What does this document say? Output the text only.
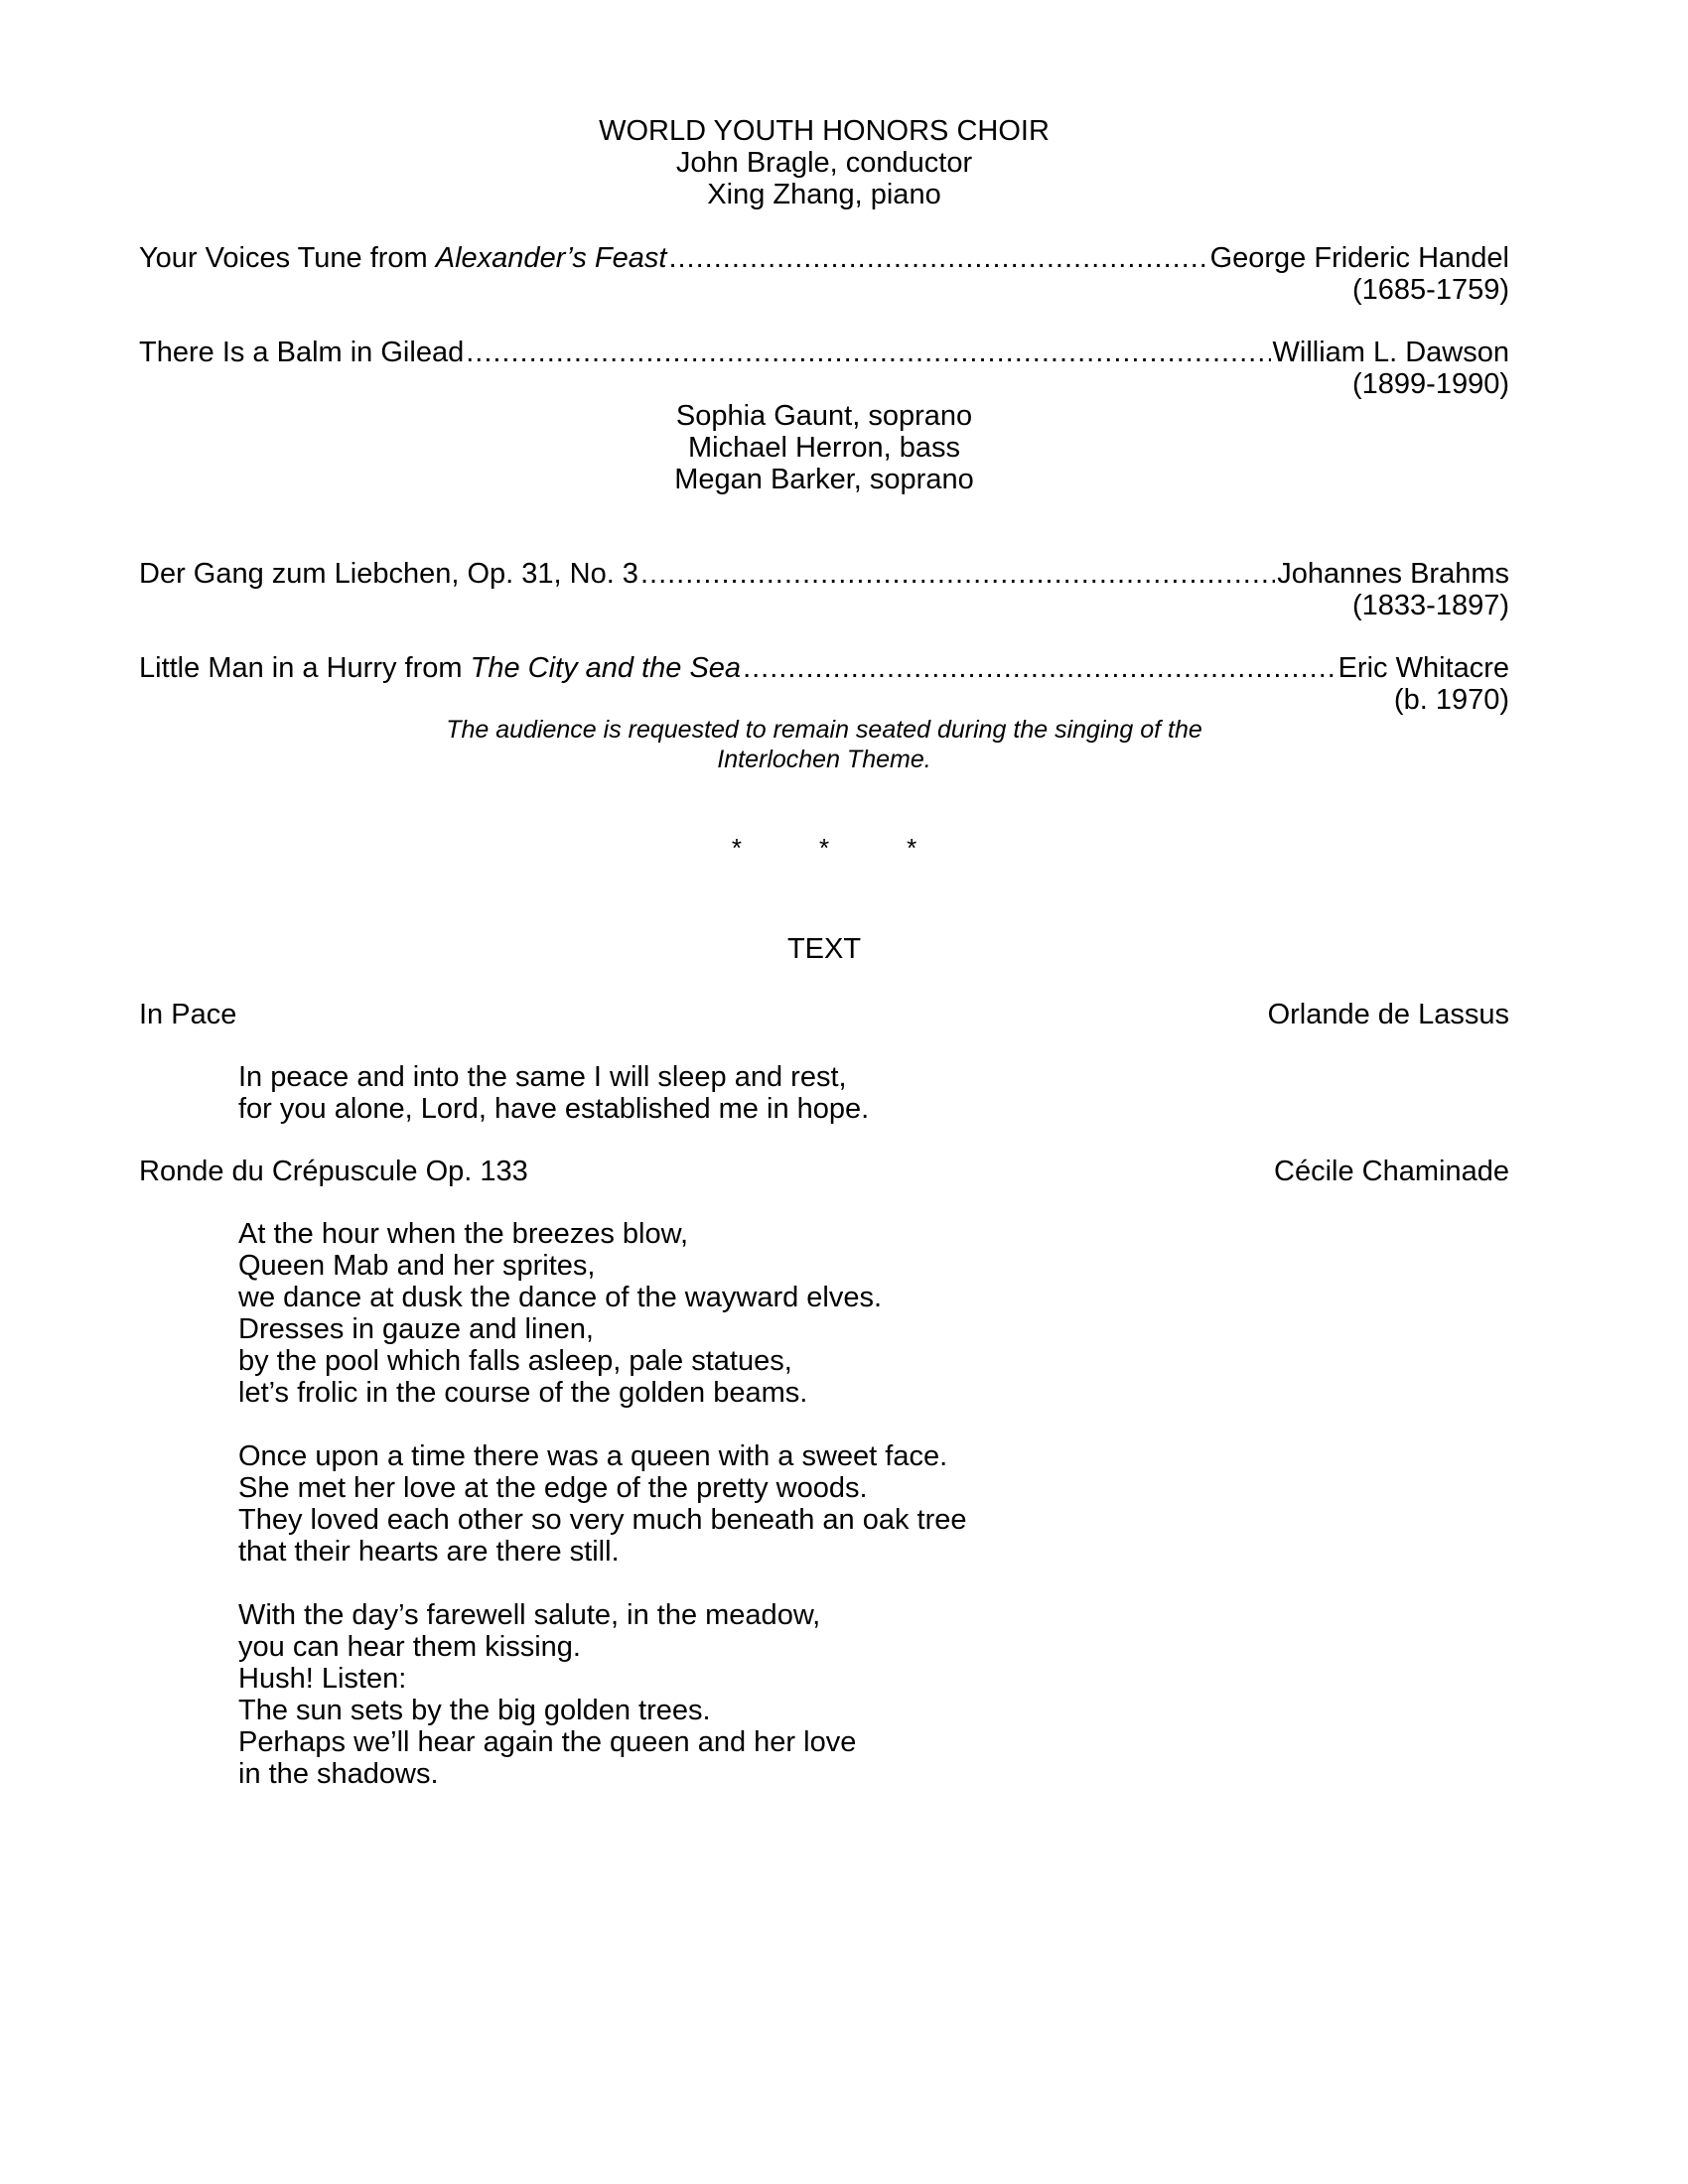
WORLD YOUTH HONORS CHOIR
John Bragle, conductor
Xing Zhang, piano
Your Voices Tune from Alexander’s Feast .....	George Frideric Handel
(1685-1759)
There Is a Balm in Gilead .....	William L. Dawson
(1899-1990)
Sophia Gaunt, soprano
Michael Herron, bass
Megan Barker, soprano
Der Gang zum Liebchen, Op. 31, No. 3 .....	Johannes Brahms
(1833-1897)
Little Man in a Hurry from The City and the Sea .....	Eric Whitacre
(b. 1970)
The audience is requested to remain seated during the singing of the
Interlochen Theme.
*	*	*
TEXT
In Pace	Orlande de Lassus
In peace and into the same I will sleep and rest,
for you alone, Lord, have established me in hope.
Ronde du Crépuscule Op. 133	Cécile Chaminade
At the hour when the breezes blow,
Queen Mab and her sprites,
we dance at dusk the dance of the wayward elves.
Dresses in gauze and linen,
by the pool which falls asleep, pale statues,
let’s frolic in the course of the golden beams.
Once upon a time there was a queen with a sweet face.
She met her love at the edge of the pretty woods.
They loved each other so very much beneath an oak tree
that their hearts are there still.
With the day’s farewell salute, in the meadow,
you can hear them kissing.
Hush! Listen:
The sun sets by the big golden trees.
Perhaps we’ll hear again the queen and her love
in the shadows.
